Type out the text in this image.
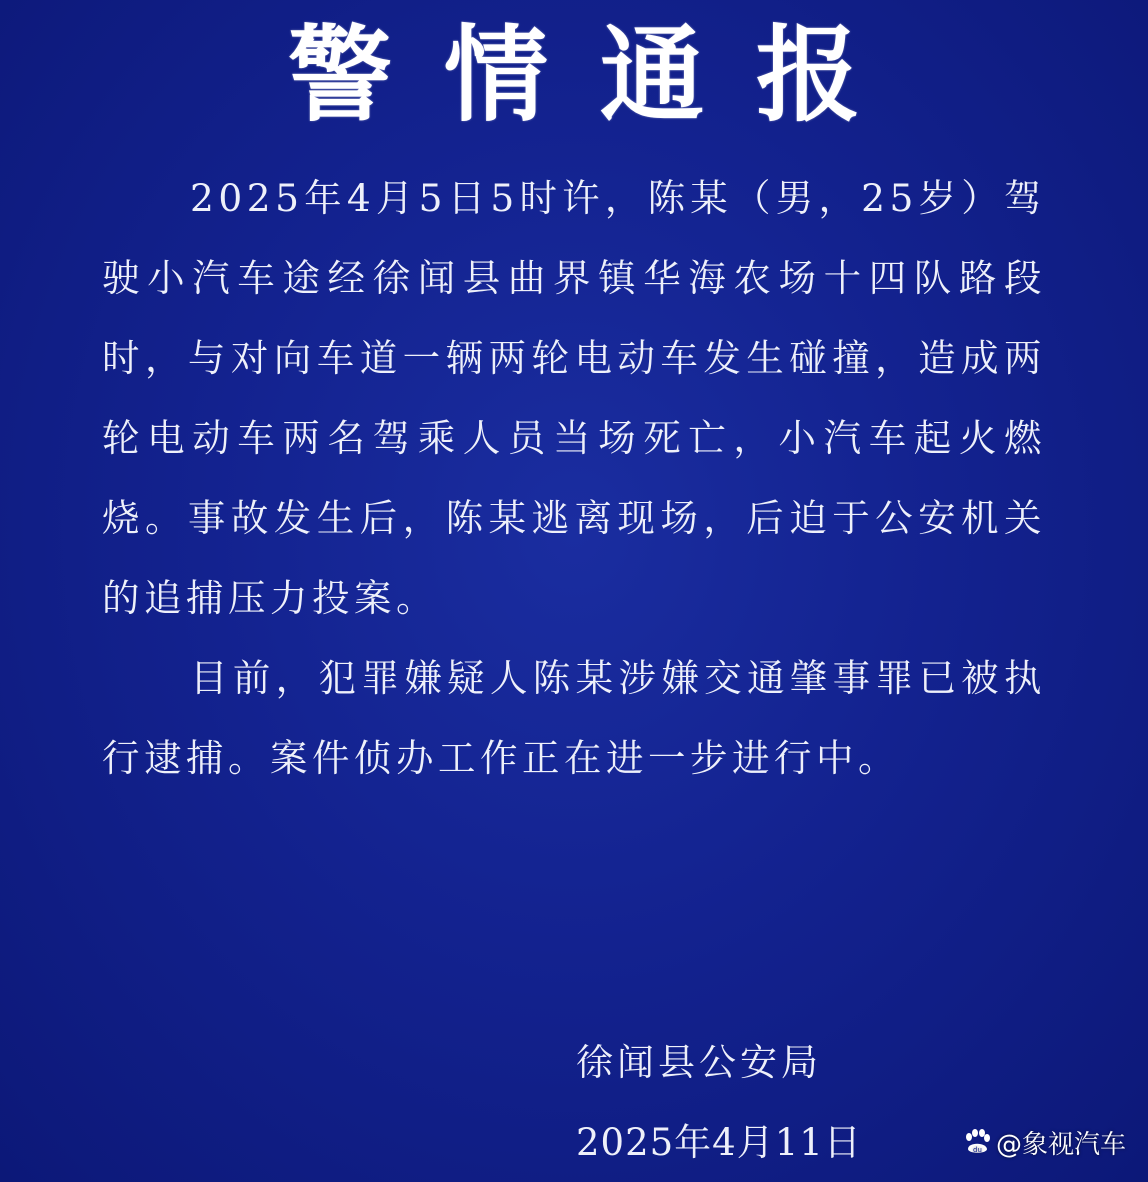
警情通报

2025年4月5日5时许，陈某（男，25岁）驾驶小汽车途经徐闻县曲界镇华海农场十四队路段时，与对向车道一辆两轮电动车发生碰撞，造成两轮电动车两名驾乘人员当场死亡，小汽车起火燃烧。事故发生后，陈某逃离现场，后迫于公安机关的追捕压力投案。

目前，犯罪嫌疑人陈某涉嫌交通肇事罪已被执行逮捕。案件侦办工作正在进一步进行中。

徐闻县公安局
2025年4月11日	du @象视汽车
